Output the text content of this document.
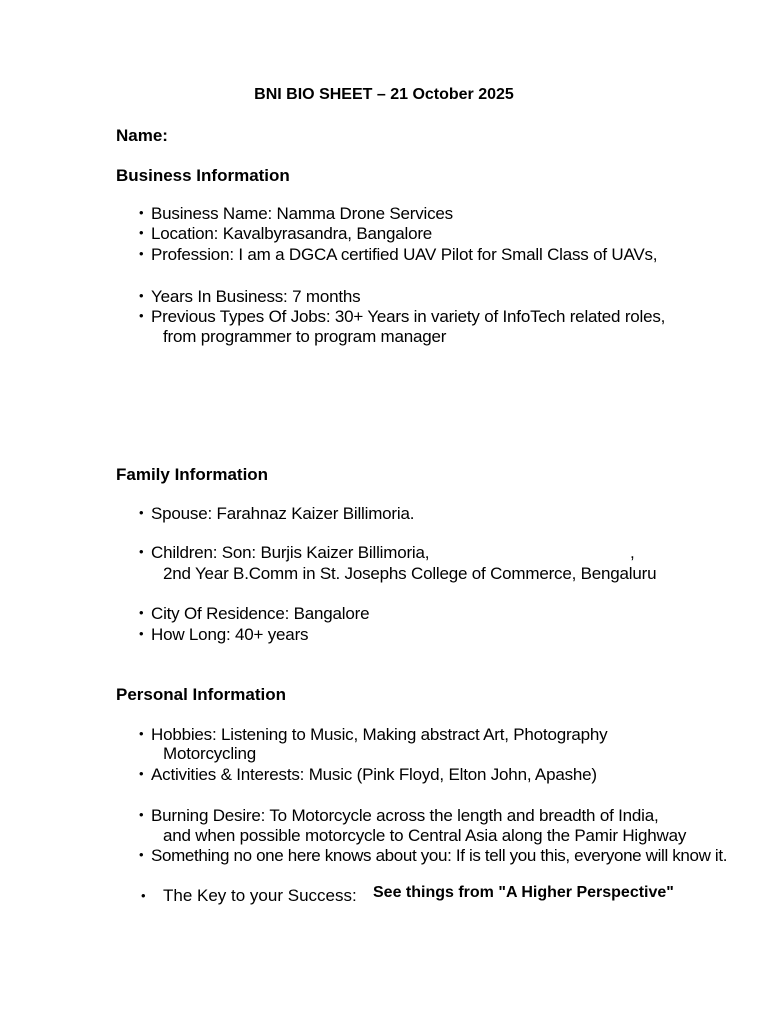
BNI BIO SHEET – 21 October 2025
Name:
Business Information
• Business Name: Namma Drone Services
• Location: Kavalbyrasandra, Bangalore
• Profession: I am a DGCA certified UAV Pilot for Small Class of UAVs,
• Years In Business: 7 months
• Previous Types Of Jobs: 30+ Years in variety of InfoTech related roles,
from programmer to program manager
Family Information
• Spouse: Farahnaz Kaizer Billimoria.
• Children: Son: Burjis Kaizer Billimoria,	,
2nd Year B.Comm in St. Josephs College of Commerce, Bengaluru
• City Of Residence: Bangalore
• How Long: 40+ years
Personal Information
• Hobbies: Listening to Music, Making abstract Art, Photography
Motorcycling
• Activities & Interests: Music (Pink Floyd, Elton John, Apashe)
• Burning Desire: To Motorcycle across the length and breadth of India,
and when possible motorcycle to Central Asia along the Pamir Highway
• Something no one here knows about you: If is tell you this, everyone will know it.
• The Key to your Success: See things from "A Higher Perspective"
